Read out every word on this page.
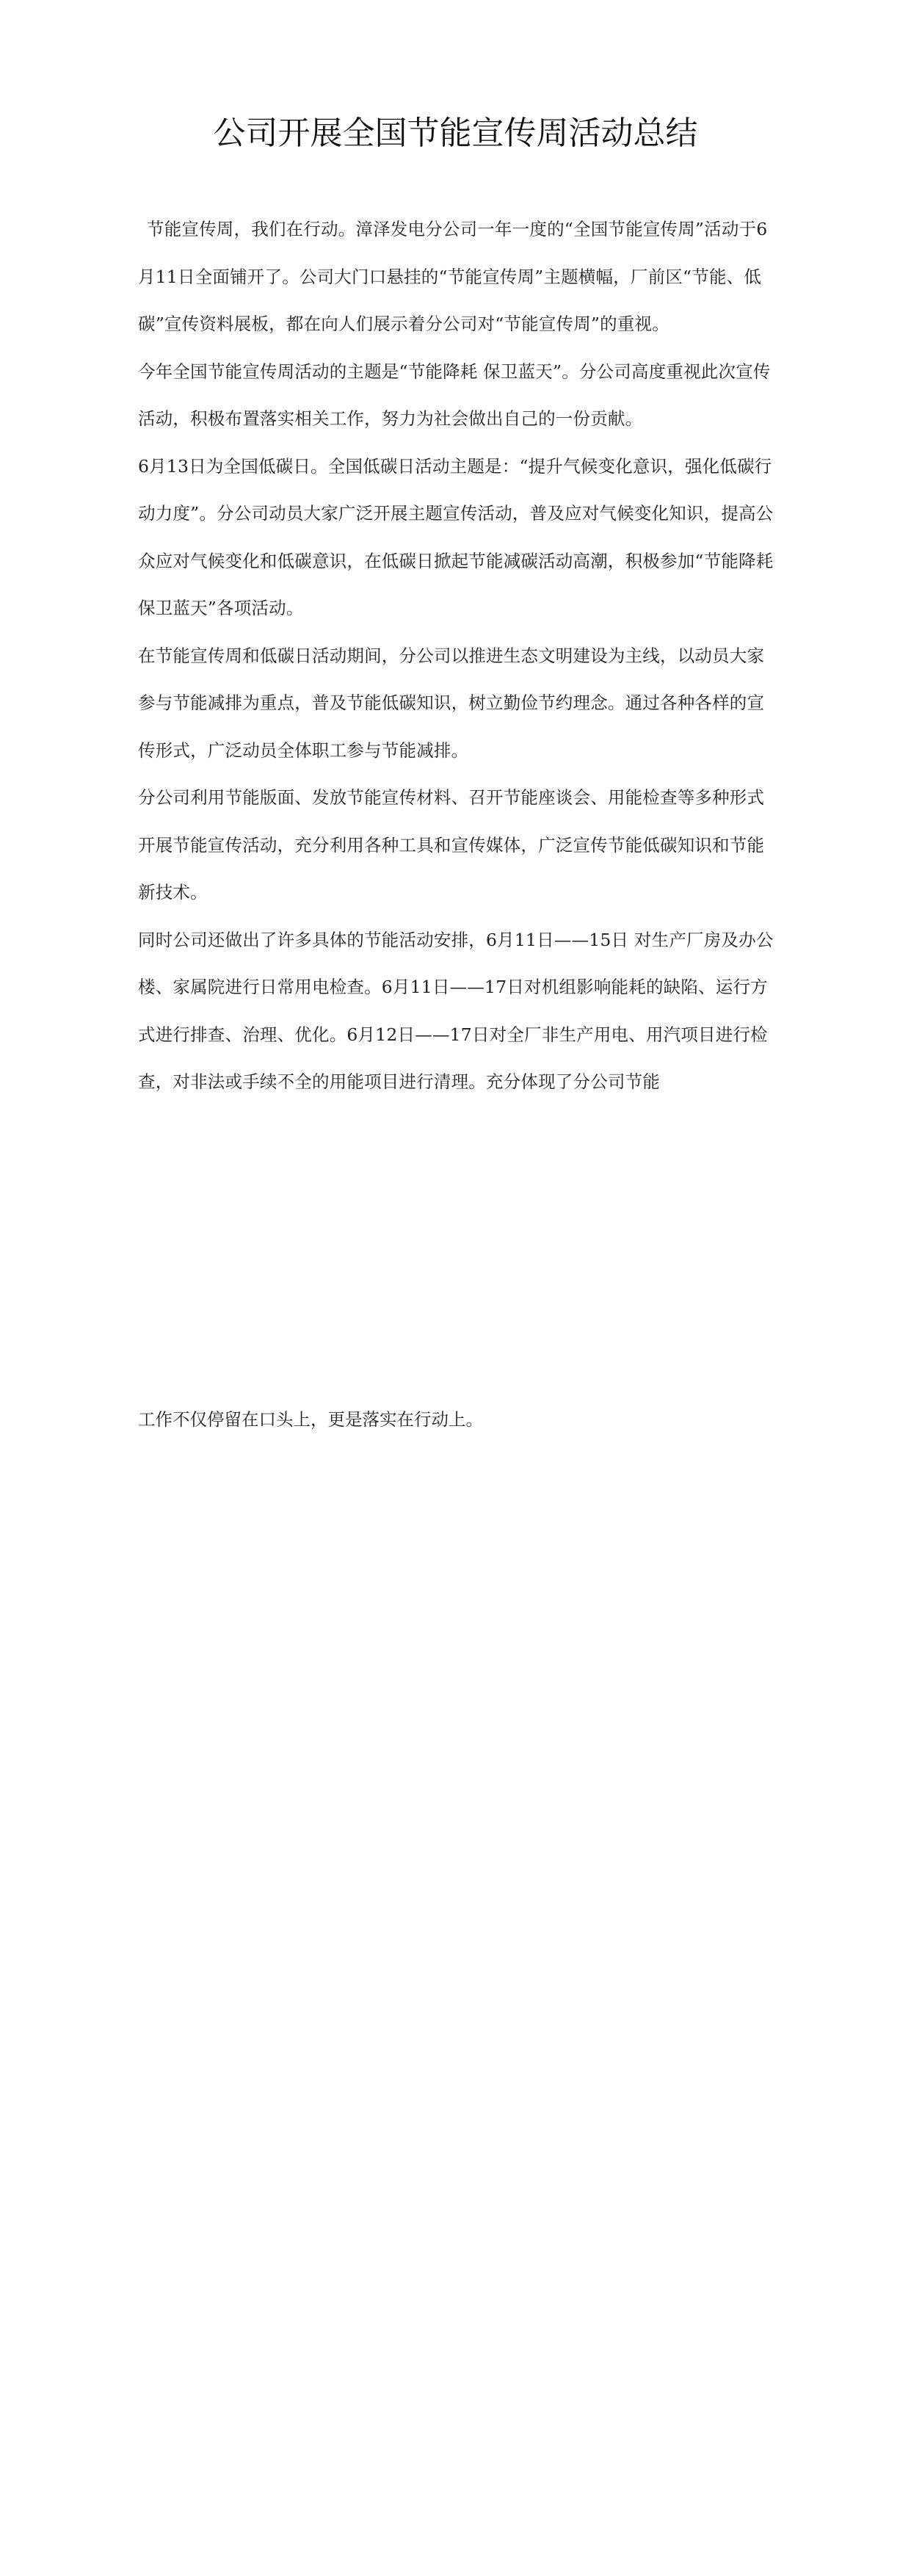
公司开展全国节能宣传周活动总结

节能宣传周，我们在行动。漳泽发电分公司一年一度的“全国节能宣传周”活动于6月11日全面铺开了。公司大门口悬挂的“节能宣传周”主题横幅，厂前区“节能、低碳”宣传资料展板，都在向人们展示着分公司对“节能宣传周”的重视。

今年全国节能宣传周活动的主题是“节能降耗 保卫蓝天”。分公司高度重视此次宣传活动，积极布置落实相关工作，努力为社会做出自己的一份贡献。

6月13日为全国低碳日。全国低碳日活动主题是：“提升气候变化意识，强化低碳行动力度”。分公司动员大家广泛开展主题宣传活动，普及应对气候变化知识，提高公众应对气候变化和低碳意识，在低碳日掀起节能减碳活动高潮，积极参加“节能降耗 保卫蓝天”各项活动。

在节能宣传周和低碳日活动期间，分公司以推进生态文明建设为主线，以动员大家参与节能减排为重点，普及节能低碳知识，树立勤俭节约理念。通过各种各样的宣传形式，广泛动员全体职工参与节能减排。

分公司利用节能版面、发放节能宣传材料、召开节能座谈会、用能检查等多种形式开展节能宣传活动，充分利用各种工具和宣传媒体，广泛宣传节能低碳知识和节能新技术。

同时公司还做出了许多具体的节能活动安排，6月11日——15日 对生产厂房及办公楼、家属院进行日常用电检查。6月11日——17日对机组影响能耗的缺陷、运行方式进行排查、治理、优化。6月12日——17日对全厂非生产用电、用汽项目进行检查，对非法或手续不全的用能项目进行清理。充分体现了分公司节能

工作不仅停留在口头上，更是落实在行动上。
